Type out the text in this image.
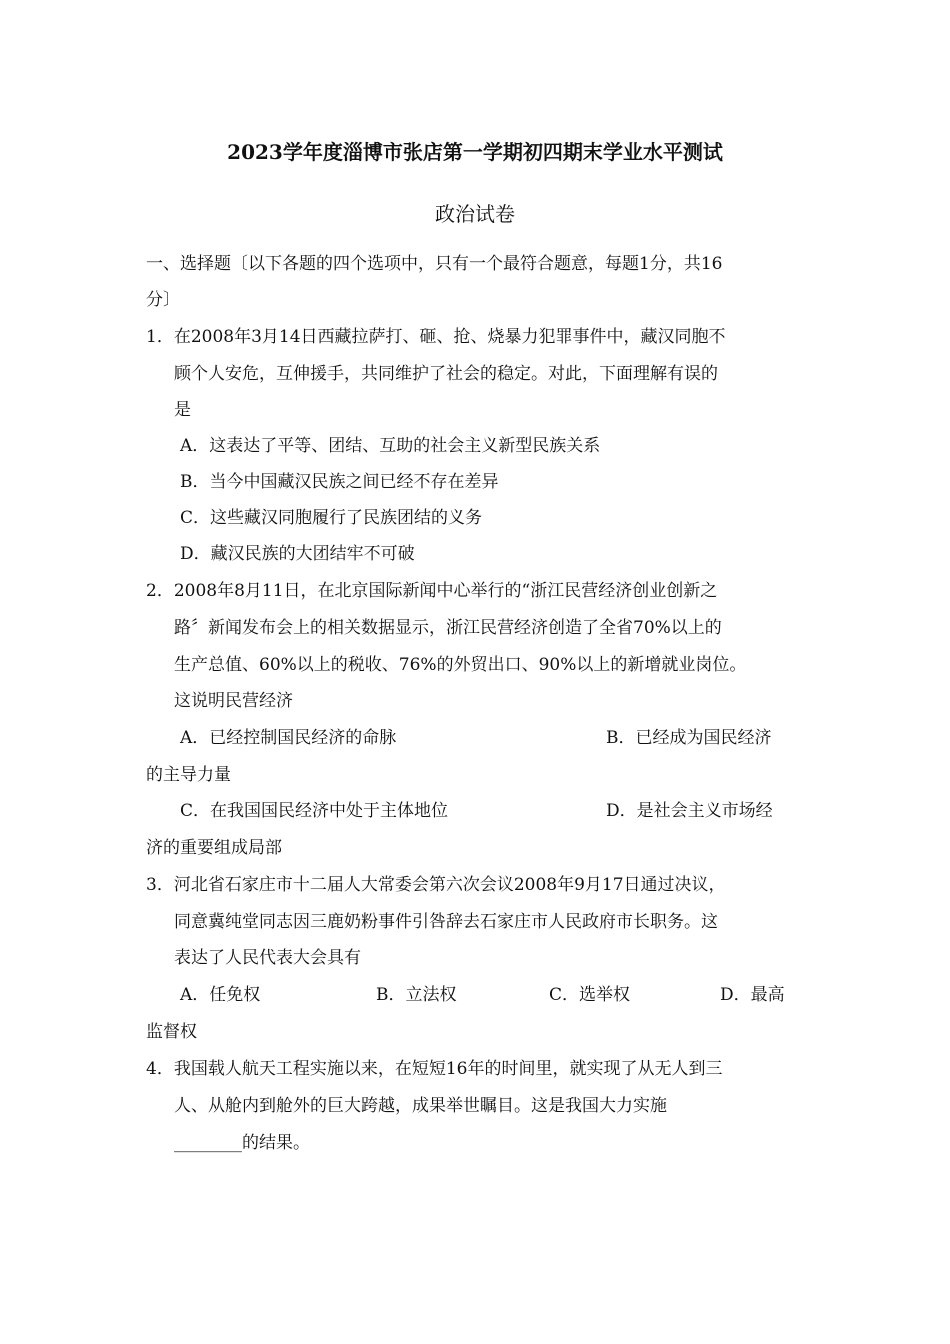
2023学年度淄博市张店第一学期初四期末学业水平测试
政治试卷
一、选择题〔以下各题的四个选项中，只有一个最符合题意，每题1分，共16
分〕
1．在2008年3月14日西藏拉萨打、砸、抢、烧暴力犯罪事件中，藏汉同胞不
顾个人安危，互伸援手，共同维护了社会的稳定。对此，下面理解有误的
是
A．这表达了平等、团结、互助的社会主义新型民族关系
B．当今中国藏汉民族之间已经不存在差异
C．这些藏汉同胞履行了民族团结的义务
D．藏汉民族的大团结牢不可破
2．2008年8月11日，在北京国际新闻中心举行的“浙江民营经济创业创新之
路〞新闻发布会上的相关数据显示，浙江民营经济创造了全省70%以上的
生产总值、60%以上的税收、76%的外贸出口、90%以上的新增就业岗位。
这说明民营经济
A．已经控制国民经济的命脉	B．已经成为国民经济
的主导力量
C．在我国国民经济中处于主体地位	D．是社会主义市场经
济的重要组成局部
3．河北省石家庄市十二届人大常委会第六次会议2008年9月17日通过决议，
同意冀纯堂同志因三鹿奶粉事件引咎辞去石家庄市人民政府市长职务。这
表达了人民代表大会具有
A．任免权	B．立法权	C．选举权	D．最高
监督权
4．我国载人航天工程实施以来，在短短16年的时间里，就实现了从无人到三
人、从舱内到舱外的巨大跨越，成果举世瞩目。这是我国大力实施
________的结果。
